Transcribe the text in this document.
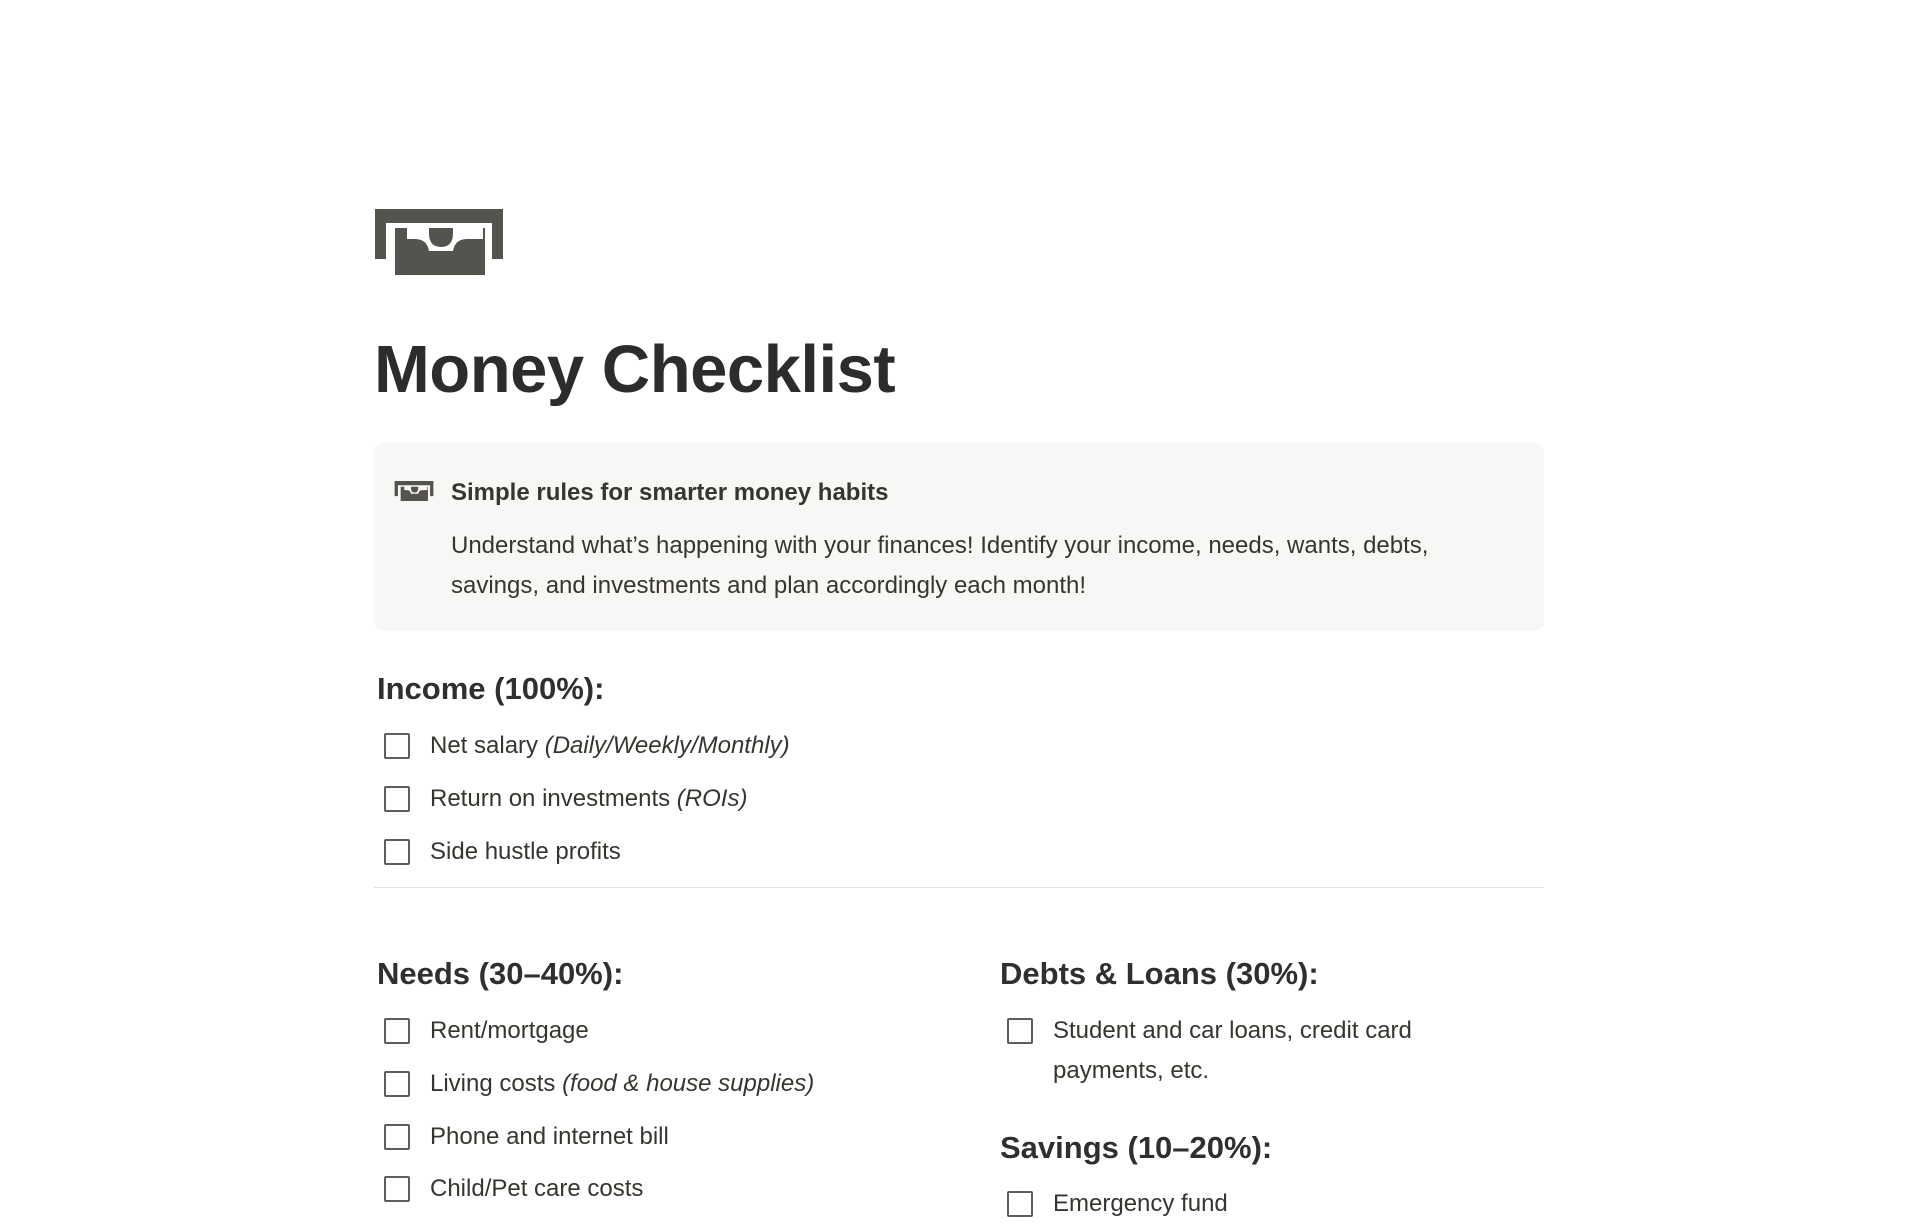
Money Checklist
Simple rules for smarter money habits
Understand what’s happening with your finances! Identify your income, needs, wants, debts, savings, and investments and plan accordingly each month!
Income (100%):
Net salary (Daily/Weekly/Monthly)
Return on investments (ROIs)
Side hustle profits
Needs (30–40%):
Rent/mortgage
Living costs (food & house supplies)
Phone and internet bill
Child/Pet care costs
Debts & Loans (30%):
Student and car loans, credit card payments, etc.
Savings (10–20%):
Emergency fund
